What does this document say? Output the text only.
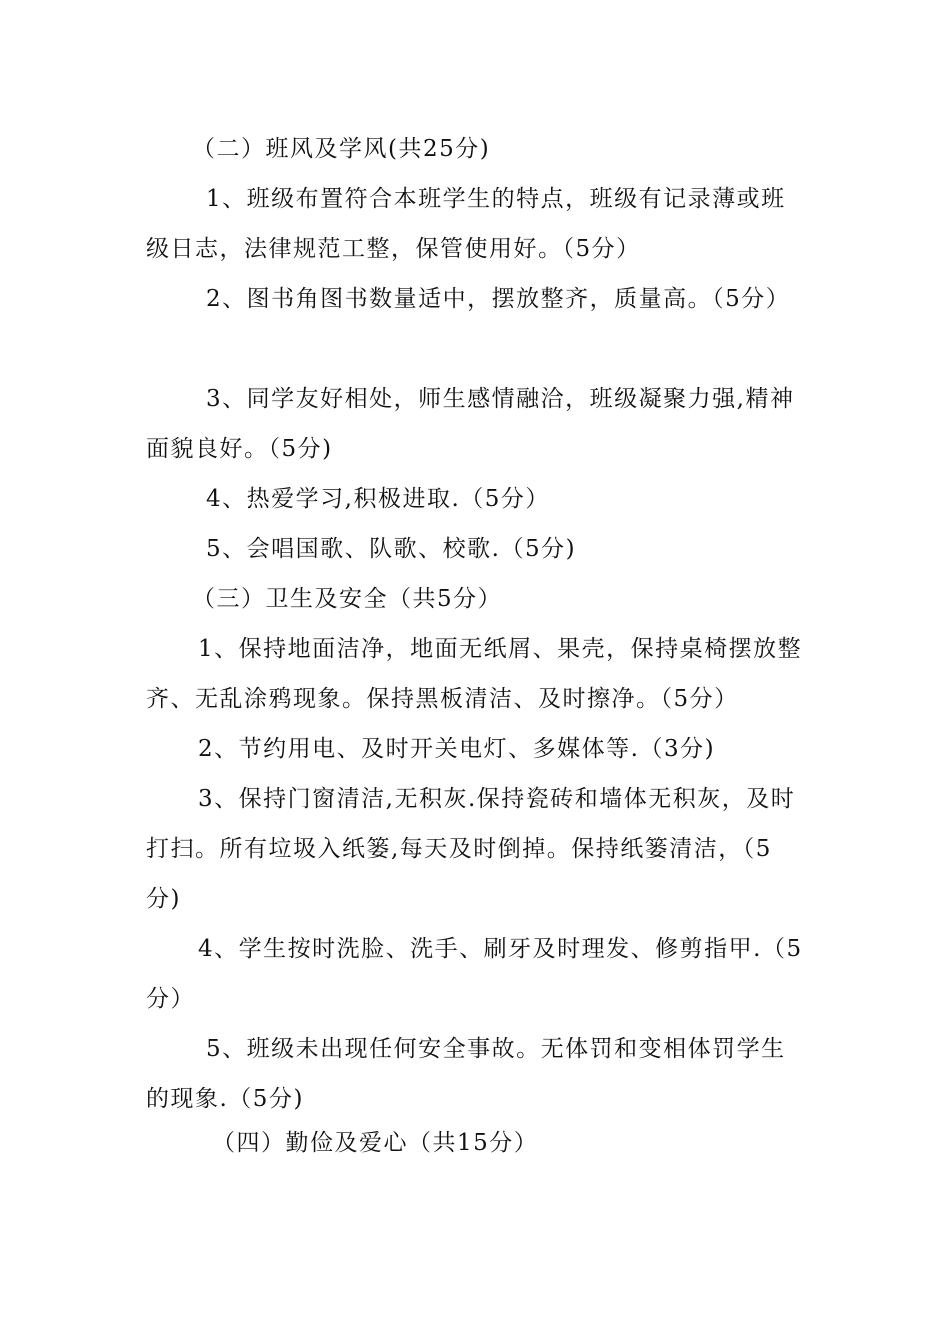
（二）班风及学风(共25分)

1、班级布置符合本班学生的特点，班级有记录薄或班级日志，法律规范工整，保管使用好。（5分）

2、图书角图书数量适中，摆放整齐，质量高。（5分）

3、同学友好相处，师生感情融洽，班级凝聚力强,精神面貌良好。（5分)

4、热爱学习,积极进取.（5分）

5、会唱国歌、队歌、校歌.（5分)

（三）卫生及安全（共5分）

1、保持地面洁净，地面无纸屑、果壳，保持桌椅摆放整齐、无乱涂鸦现象。保持黑板清洁、及时擦净。（5分）

2、节约用电、及时开关电灯、多媒体等.（3分)

3、保持门窗清洁,无积灰.保持瓷砖和墙体无积灰，及时打扫。所有垃圾入纸篓,每天及时倒掉。保持纸篓清洁，（5分)

4、学生按时洗脸、洗手、刷牙及时理发、修剪指甲.（5分）

5、班级未出现任何安全事故。无体罚和变相体罚学生的现象.（5分)

（四）勤俭及爱心（共15分）
